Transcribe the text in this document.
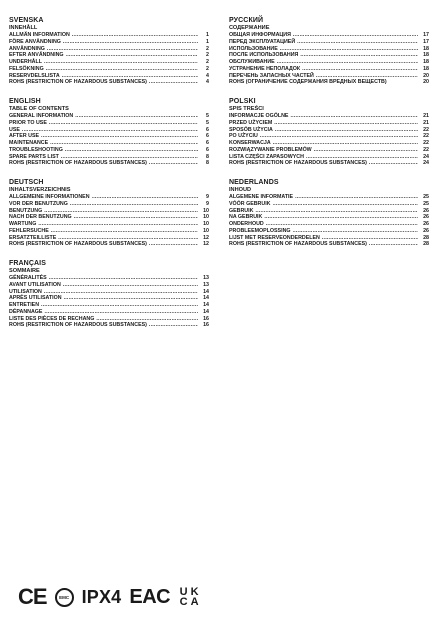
SVENSKA
INNEHÅLL
ALLMÄN INFORMATION .....	1
FÖRE ANVÄNDNING .....	1
ANVÄNDNING .....	2
EFTER ANVÄNDNING .....	2
UNDERHÅLL .....	2
FELSÖKNING .....	2
RESERVDELSLISTA .....	4
ROHS (RESTRICTION OF HAZARDOUS SUBSTANCES) .....	4
ENGLISH
TABLE OF CONTENTS
GENERAL INFORMATION .....	5
PRIOR TO USE .....	5
USE .....	6
AFTER USE .....	6
MAINTENANCE .....	6
TROUBLESHOOTING .....	6
SPARE PARTS LIST .....	8
ROHS (RESTRICTION OF HAZARDOUS SUBSTANCES) .....	8
DEUTSCH
INHALTSVERZEICHNIS
ALLGEMEINE INFORMATIONEN .....	9
VOR DER BENUTZUNG .....	9
BENUTZUNG .....	10
NACH DER BENUTZUNG .....	10
WARTUNG .....	10
FEHLERSUCHE .....	10
ERSATZTEILLISTE .....	12
ROHS (RESTRICTION OF HAZARDOUS SUBSTANCES) .....	12
FRANÇAIS
SOMMAIRE
GÉNÉRALITÉS .....	13
AVANT UTILISATION .....	13
UTILISATION .....	14
APRÈS UTILISATION .....	14
ENTRETIEN .....	14
DÉPANNAGE .....	14
LISTE DES PIÈCES DE RECHANG .....	16
ROHS (RESTRICTION OF HAZARDOUS SUBSTANCES) .....	16
РУССКИЙ
СОДЕРЖАНИЕ
ОБЩАЯ ИНФОРМАЦИЯ .....	17
ПЕРЕД ЭКСПЛУАТАЦИЕЙ .....	17
ИСПОЛЬЗОВАНИЕ .....	18
ПОСЛЕ ИСПОЛЬЗОВАНИЯ .....	18
ОБСЛУЖИВАНИЕ .....	18
УСТРАНЕНИЕ НЕПОЛАДОК .....	18
ПЕРЕЧЕНЬ ЗАПАСНЫХ ЧАСТЕЙ .....	20
ROHS (ОГРАНИЧЕНИЕ СОДЕРЖАНИЯ ВРЕДНЫХ ВЕЩЕСТВ)	20
POLSKI
SPIS TREŚCI
INFORMACJE OGÓLNE .....	21
PRZED UŻYCIEM .....	21
SPOSÓB UŻYCIA .....	22
PO UŻYCIU .....	22
KONSERWACJA .....	22
ROZWIĄZYWANIE PROBLEMÓW .....	22
LISTA CZĘŚCI ZAPASOWYCH .....	24
ROHS (RESTRICTION OF HAZARDOUS SUBSTANCES) .....	24
NEDERLANDS
INHOUD
ALGEMENE INFORMATIE .....	25
VÓÓR GEBRUIK .....	25
GEBRUIK .....	26
NA GEBRUIK .....	26
ONDERHOUD .....	26
PROBLEEMOPLOSSING .....	26
LIJST MET RESERVEONDERDELEN .....	28
ROHS (RESTRICTION OF HAZARDOUS SUBSTANCES) .....	28
CE	EMC IPX4 EAC U K
C A
